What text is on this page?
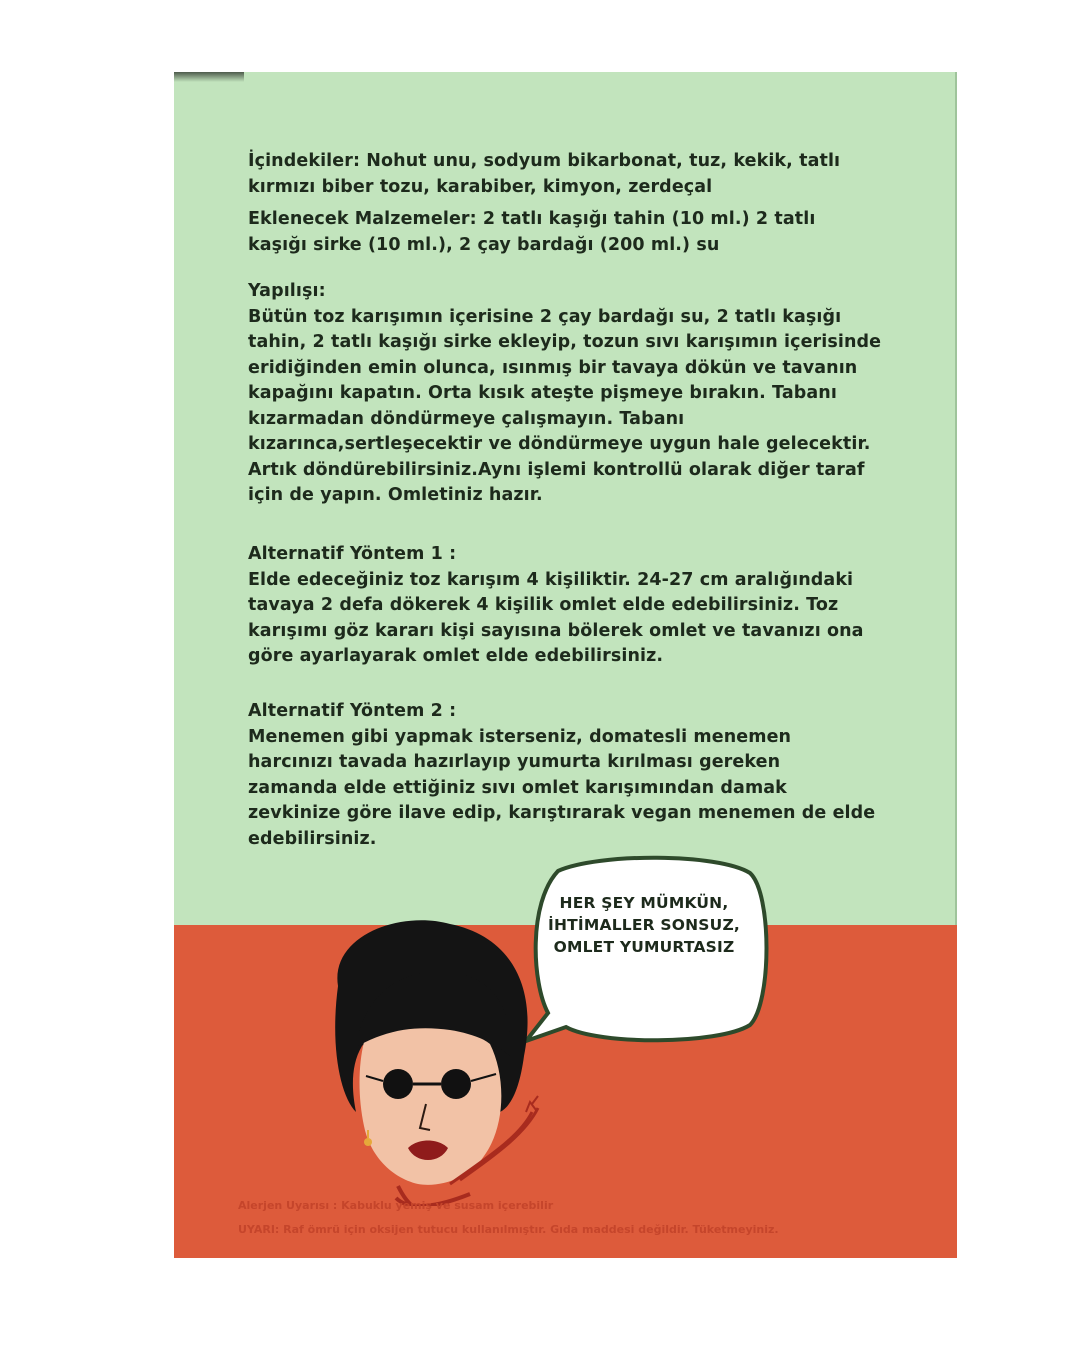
İçindekiler: Nohut unu, sodyum bikarbonat, tuz, kekik, tatlı
kırmızı biber tozu, karabiber, kimyon, zerdeçal

Eklenecek Malzemeler: 2 tatlı kaşığı tahin (10 ml.) 2 tatlı
kaşığı sirke (10 ml.), 2 çay bardağı (200 ml.) su

Yapılışı:
Bütün toz karışımın içerisine 2 çay bardağı su, 2 tatlı kaşığı
tahin, 2 tatlı kaşığı sirke ekleyip, tozun sıvı karışımın içerisinde
eridiğinden emin olunca, ısınmış bir tavaya dökün ve tavanın
kapağını kapatın. Orta kısık ateşte pişmeye bırakın. Tabanı
kızarmadan döndürmeye çalışmayın. Tabanı
kızarınca,sertleşecektir ve döndürmeye uygun hale gelecektir.
Artık döndürebilirsiniz.Aynı işlemi kontrollü olarak diğer taraf
için de yapın. Omletiniz hazır.

Alternatif Yöntem 1 :
Elde edeceğiniz toz karışım 4 kişiliktir. 24-27 cm aralığındaki
tavaya 2 defa dökerek 4 kişilik omlet elde edebilirsiniz. Toz
karışımı göz kararı kişi sayısına bölerek omlet ve tavanızı ona
göre ayarlayarak omlet elde edebilirsiniz.

Alternatif Yöntem 2 :
Menemen gibi yapmak isterseniz, domatesli menemen
harcınızı tavada hazırlayıp yumurta kırılması gereken
zamanda elde ettiğiniz sıvı omlet karışımından damak
zevkinize göre ilave edip, karıştırarak vegan menemen de elde
edebilirsiniz.

HER ŞEY MÜMKÜN,
İHTİMALLER SONSUZ,
OMLET YUMURTASIZ

Alerjen Uyarısı : Kabuklu yemiş ve susam içerebilir

UYARI: Raf ömrü için oksijen tutucu kullanılmıştır. Gıda maddesi değildir. Tüketmeyiniz.
